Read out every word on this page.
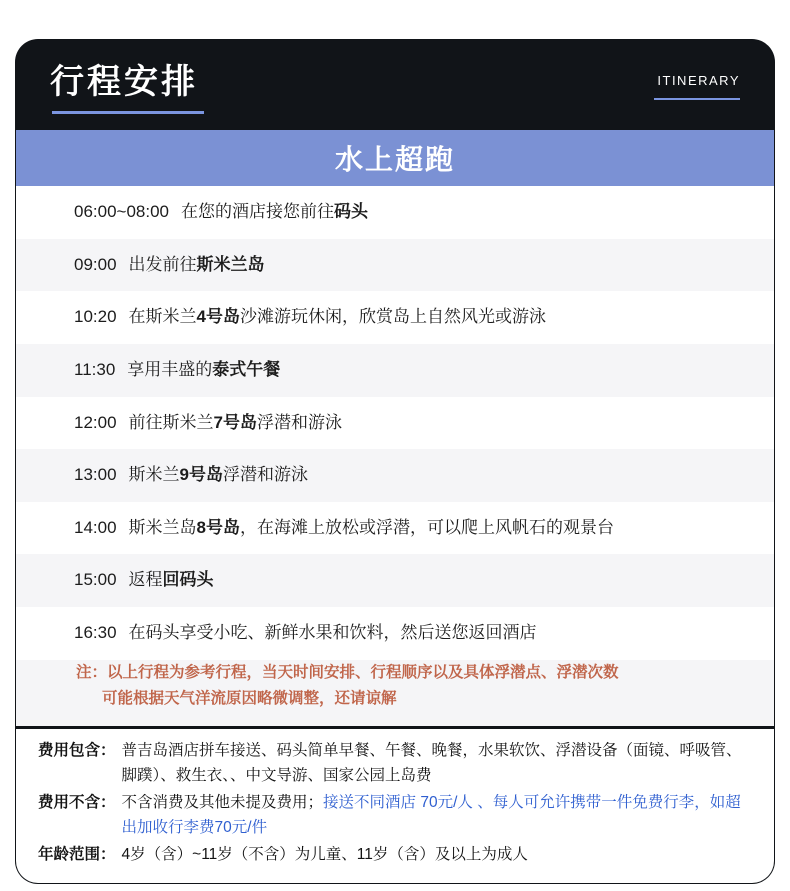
行程安排	ITINERARY
水上超跑
06:00~08:00 在您的酒店接您前往码头
09:00 出发前往斯米兰岛
10:20 在斯米兰4号岛沙滩游玩休闲，欣赏岛上自然风光或游泳
11:30 享用丰盛的泰式午餐
12:00 前往斯米兰7号岛浮潜和游泳
13:00 斯米兰9号岛浮潜和游泳
14:00 斯米兰岛8号岛，在海滩上放松或浮潜，可以爬上风帆石的观景台
15:00 返程回码头
16:30 在码头享受小吃、新鲜水果和饮料，然后送您返回酒店
注：以上行程为参考行程，当天时间安排、行程顺序以及具体浮潜点、浮潜次数
可能根据天气洋流原因略微调整，还请谅解
费用包含： 普吉岛酒店拼车接送、码头简单早餐、午餐、晚餐，水果软饮、浮潜设备（面镜、呼吸管、脚蹼）、救生衣、、中文导游、国家公园上岛费
费用不含： 不含消费及其他未提及费用；接送不同酒店 70元/人 、每人可允许携带一件免费行李，如超出加收行李费70元/件
年龄范围： 4岁（含）~11岁（不含）为儿童、11岁（含）及以上为成人
